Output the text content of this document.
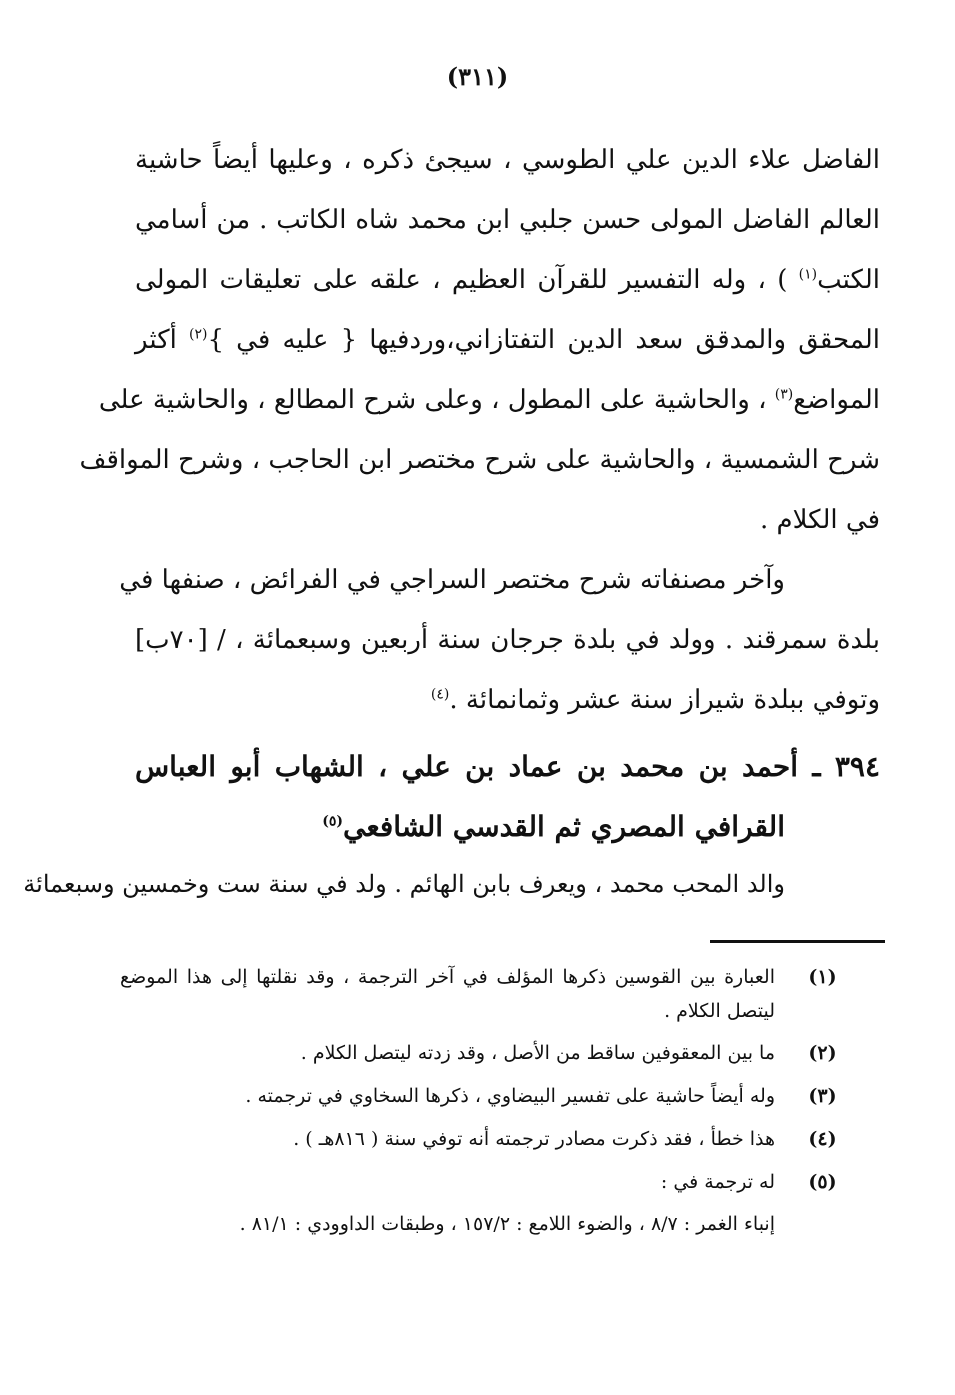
(٣١١)
الفاضل علاء الدين علي الطوسي ، سيجئ ذكره ، وعليها أيضاً حاشية
العالم الفاضل المولى حسن جلبي ابن محمد شاه الكاتب . من أسامي
الكتب$^{(١)}$ ) ، وله التفسير للقرآن العظيم ، علقه على تعليقات المولى
المحقق والمدقق سعد الدين التفتازاني،وردفيها { عليه في }$^{(٢)}$ أكثر
المواضع$^{(٣)}$ ، والحاشية على المطول ، وعلى شرح المطالع ، والحاشية على
شرح الشمسية ، والحاشية على شرح مختصر ابن الحاجب ، وشرح المواقف
في الكلام .
وآخر مصنفاته شرح مختصر السراجي في الفرائض ، صنفها في
بلدة سمرقند . وولد في بلدة جرجان سنة أربعين وسبعمائة ، / [٧٠ب]
وتوفي ببلدة شيراز سنة عشر وثمانمائة .$^{(٤)}$
٣٩٤ ـ أحمد بن محمد بن عماد بن علي ، الشهاب أبو العباس
القرافي المصري ثم القدسي الشافعي$^{(٥)}$
والد المحب محمد ، ويعرف بابن الهائم . ولد في سنة ست وخمسين وسبعمائة
(١)
العبارة بين القوسين ذكرها المؤلف في آخر الترجمة ، وقد نقلتها إلى هذا الموضع ليتصل الكلام .
(٢)
ما بين المعقوفين ساقط من الأصل ، وقد زدته ليتصل الكلام .
(٣)
وله أيضاً حاشية على تفسير البيضاوي ، ذكرها السخاوي في ترجمته .
(٤)
هذا خطأ ، فقد ذكرت مصادر ترجمته أنه توفي سنة ( ٨١٦هـ ) .
(٥)
له ترجمة في :
إنباء الغمر : ٨/٧ ، والضوء اللامع : ١٥٧/٢ ، وطبقات الداوودي : ٨١/١ .
